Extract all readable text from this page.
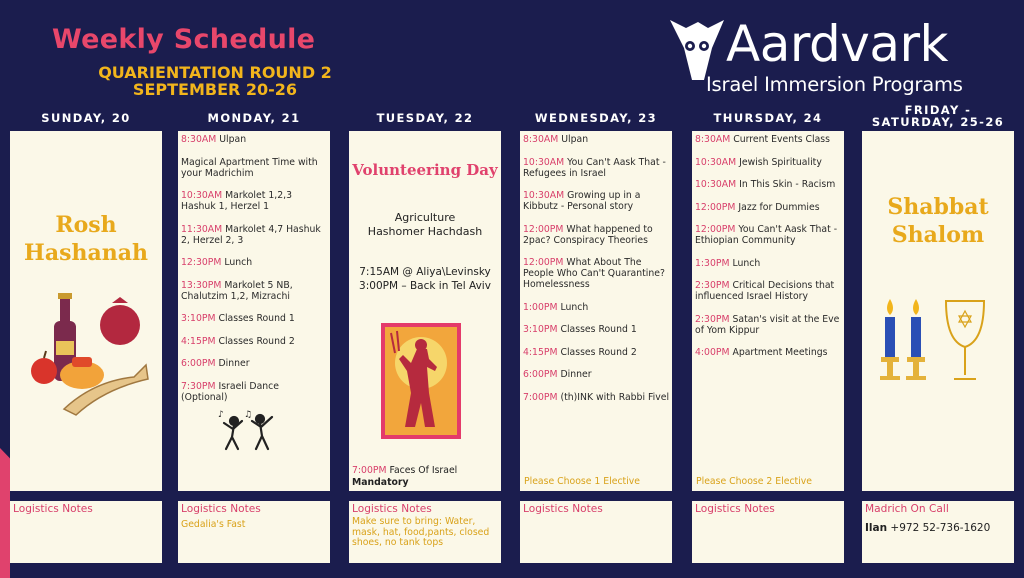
Weekly Schedule
QUARIENTATION ROUND 2
SEPTEMBER 20-26
Aardvark
Israel Immersion Programs
SUNDAY, 20	MONDAY, 21	TUESDAY, 22	WEDNESDAY, 23	THURSDAY, 24
FRIDAY - SATURDAY, 25-26
Rosh Hashanah
Logistics Notes
8:30AM Ulpan
Magical Apartment Time with your Madrichim
10:30AM Markolet 1,2,3 Hashuk 1, Herzel 1
11:30AM Markolet 4,7 Hashuk 2, Herzel 2, 3
12:30PM Lunch
13:30PM Markolet 5 NB, Chalutzim 1,2, Mizrachi
3:10PM Classes Round 1
4:15PM Classes Round 2
6:00PM Dinner
7:30PM Israeli Dance (Optional)
♪ ♫
Logistics Notes
Gedalia's Fast
Volunteering Day
Agriculture
Hashomer Hachdash
7:15AM @ Aliya\Levinsky
3:00PM – Back in Tel Aviv
7:00PM Faces Of Israel
Mandatory
Logistics Notes
Make sure to bring: Water, mask, hat, food,pants, closed shoes, no tank tops
8:30AM Ulpan
10:30AM You Can't Aask That - Refugees in Israel
10:30AM Growing up in a Kibbutz - Personal story
12:00PM What happened to 2pac? Conspiracy Theories
12:00PM What About The People Who Can't Quarantine? Homelessness
1:00PM Lunch
3:10PM Classes Round 1
4:15PM Classes Round 2
6:00PM Dinner
7:00PM (th)INK with Rabbi Fivel
Please Choose 1 Elective
Logistics Notes
8:30AM Current Events Class
10:30AM Jewish Spirituality
10:30AM In This Skin - Racism
12:00PM Jazz for Dummies
12:00PM You Can't Aask That - Ethiopian Community
1:30PM Lunch
2:30PM Critical Decisions that influenced Israel History
2:30PM Satan's visit at the Eve of Yom Kippur
4:00PM Apartment Meetings
Please Choose 2 Elective
Logistics Notes
Shabbat Shalom
Madrich On Call
Ilan +972 52-736-1620
